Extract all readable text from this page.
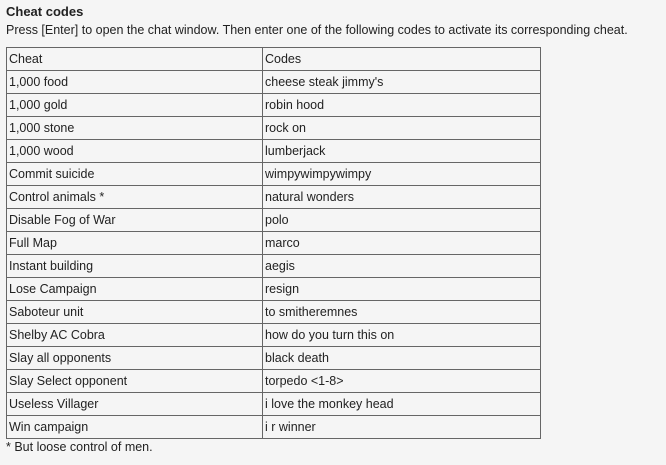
Cheat codes
Press [Enter] to open the chat window. Then enter one of the following codes to activate its corresponding cheat.
Cheat	Codes
1,000 food	cheese steak jimmy's
1,000 gold	robin hood
1,000 stone	rock on
1,000 wood	lumberjack
Commit suicide	wimpywimpywimpy
Control animals *	natural wonders
Disable Fog of War	polo
Full Map	marco
Instant building	aegis
Lose Campaign	resign
Saboteur unit	to smitheremnes
Shelby AC Cobra	how do you turn this on
Slay all opponents	black death
Slay Select opponent	torpedo <1-8>
Useless Villager	i love the monkey head
Win campaign	i r winner
* But loose control of men.
